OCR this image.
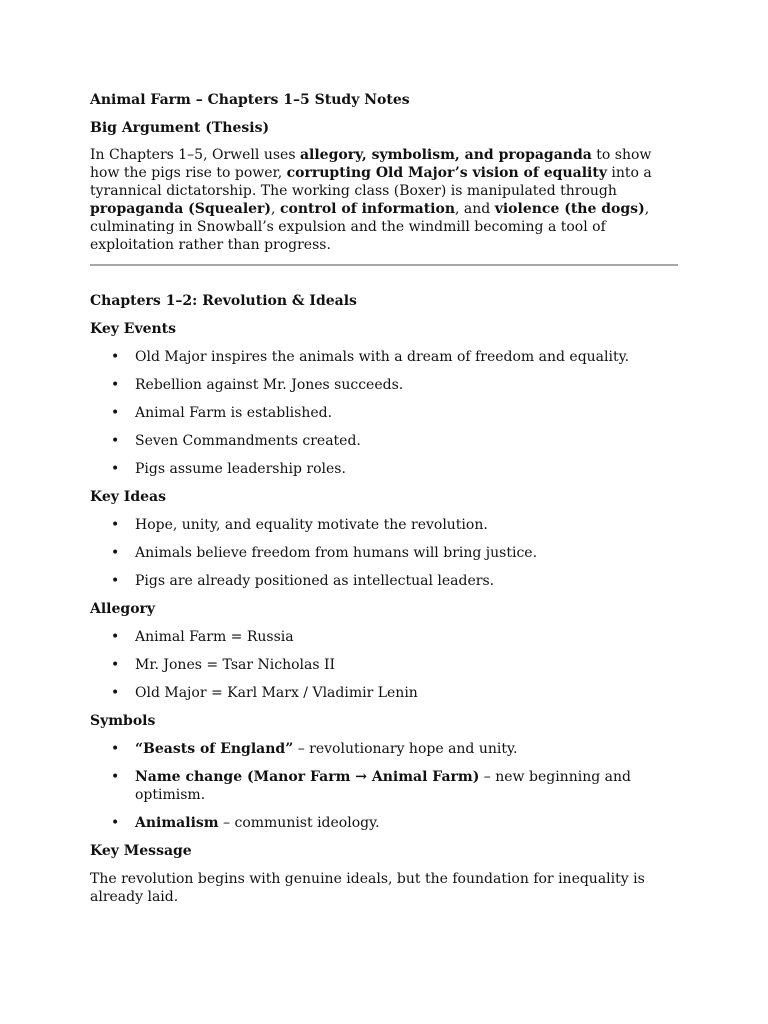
Animal Farm – Chapters 1–5 Study Notes
Big Argument (Thesis)

In Chapters 1–5, Orwell uses allegory, symbolism, and propaganda to show how the pigs rise to power, corrupting Old Major’s vision of equality into a tyrannical dictatorship. The working class (Boxer) is manipulated through propaganda (Squealer), control of information, and violence (the dogs), culminating in Snowball’s expulsion and the windmill becoming a tool of exploitation rather than progress.

Chapters 1–2: Revolution & Ideals
Key Events
• Old Major inspires the animals with a dream of freedom and equality.
• Rebellion against Mr. Jones succeeds.
• Animal Farm is established.
• Seven Commandments created.
• Pigs assume leadership roles.
Key Ideas
• Hope, unity, and equality motivate the revolution.
• Animals believe freedom from humans will bring justice.
• Pigs are already positioned as intellectual leaders.
Allegory
• Animal Farm = Russia
• Mr. Jones = Tsar Nicholas II
• Old Major = Karl Marx / Vladimir Lenin
Symbols
• “Beasts of England” – revolutionary hope and unity.
• Name change (Manor Farm → Animal Farm) – new beginning and optimism.
• Animalism – communist ideology.
Key Message

The revolution begins with genuine ideals, but the foundation for inequality is already laid.
